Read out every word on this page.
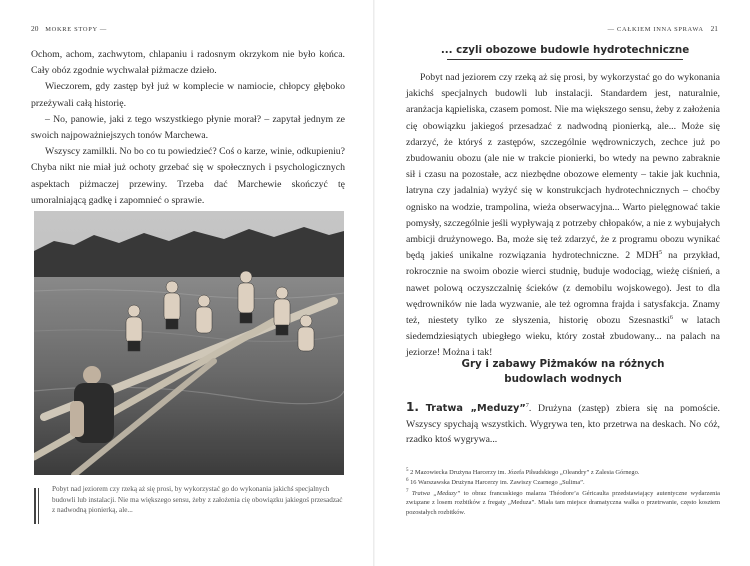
20 MOKRE STOPY —

Ochom, achom, zachwytom, chlapaniu i radosnym okrzykom nie było końca. Cały obóz zgodnie wychwalał piżmacze dzieło.

Wieczorem, gdy zastęp był już w komplecie w namiocie, chłopcy głęboko przeżywali całą historię.

– No, panowie, jaki z tego wszystkiego płynie morał? – zapytał jednym ze swoich najpoważniejszych tonów Marchewa.

Wszyscy zamilkli. No bo co tu powiedzieć? Coś o karze, winie, odkupieniu? Chyba nikt nie miał już ochoty grzebać się w społecznych i psychologicznych aspektach piżmaczej przewiny. Trzeba dać Marchewie skończyć tę umoralniającą gadkę i zapomnieć o sprawie.

Pobyt nad jeziorem czy rzeką aż się prosi, by wykorzystać go do wykonania jakichś specjalnych budowli lub instalacji. Nie ma większego sensu, żeby z założenia cię obowiązku jakiegoś przesadzać z nadwodną pionierką, ale...
— CAŁKIEM INNA SPRAWA 21
... czyli obozowe budowle hydrotechniczne

Pobyt nad jeziorem czy rzeką aż się prosi, by wykorzystać go do wykonania jakichś specjalnych budowli lub instalacji. Standardem jest, naturalnie, aranżacja kąpieliska, czasem pomost. Nie ma większego sensu, żeby z założenia cię obowiązku jakiegoś przesadzać z nadwodną pionierką, ale... Może się zdarzyć, że któryś z zastępów, szczególnie wędrowniczych, zechce już po zbudowaniu obozu (ale nie w trakcie pionierki, bo wtedy na pewno zabraknie sił i czasu na pozostałe, acz niezbędne obozowe elementy – takie jak kuchnia, latryna czy jadalnia) wyżyć się w konstrukcjach hydrotechnicznych – choćby ognisko na wodzie, trampolina, wieża obserwacyjna... Warto pielęgnować takie pomysły, szczególnie jeśli wypływają z potrzeby chłopaków, a nie z wybujałych ambicji drużynowego. Ba, może się też zdarzyć, że z programu obozu wynikać będą jakieś unikalne rozwiązania hydrotechniczne. 2 MDH$^5$ na przykład, rokrocznie na swoim obozie wierci studnię, buduje wodociąg, wieżę ciśnień, a nawet polową oczyszczalnię ścieków (z demobilu wojskowego). Jest to dla wędrowników nie lada wyzwanie, ale też ogromna frajda i satysfakcja. Znamy też, niestety tylko ze słyszenia, historię obozu Szesnastki$^6$ w latach siedemdziesiątych ubiegłego wieku, który został zbudowany... na palach na jeziorze! Można i tak!

Gry i zabawy Piżmaków na różnych budowlach wodnych
1. Tratwa „Meduzy”$^7$. Drużyna (zastęp) zbiera się na pomoście. Wszyscy spychają wszystkich. Wygrywa ten, kto przetrwa na deskach. No cóż, rzadko ktoś wygrywa...

$^5$ 2 Mazowiecka Drużyna Harcerzy im. Józefa Piłsudskiego „Oleandry” z Zalesia Górnego.

$^6$ 16 Warszawska Drużyna Harcerzy im. Zawiszy Czarnego „Sulima”.

$^7$ Tratwa „Meduzy” to obraz francuskiego malarza Théodore’a Géricaulta przedstawiający autentyczne wydarzenia związane z losem rozbitków z fregaty „Meduza”. Miała tam miejsce dramatyczna walka o przetrwanie, często kosztem pozostałych rozbitków.
